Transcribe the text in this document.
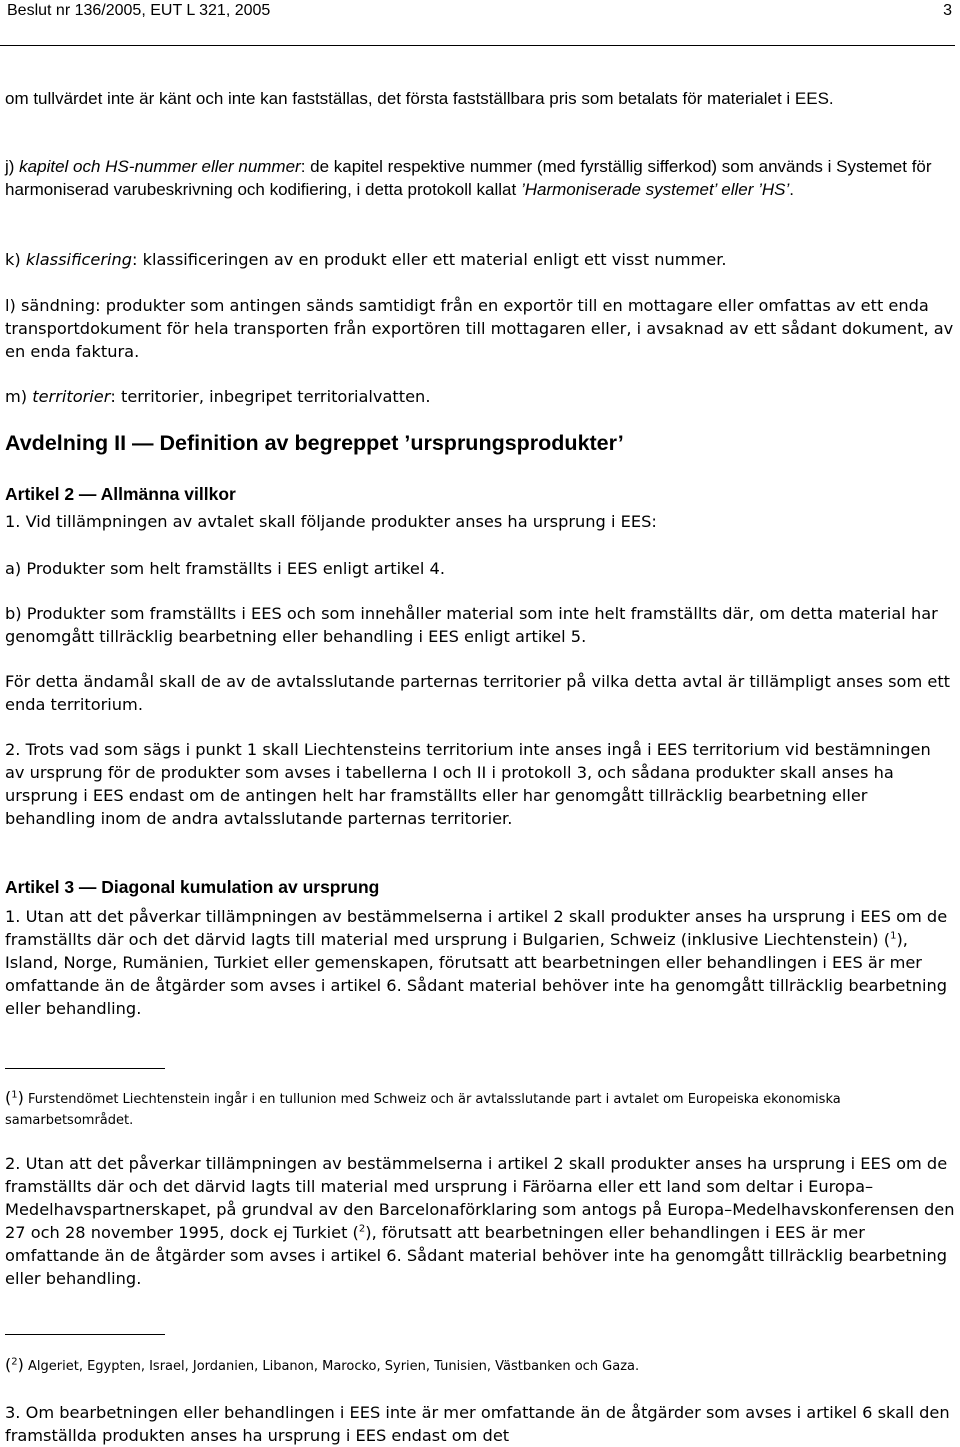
Beslut nr 136/2005, EUT L 321, 2005	3

om tullvärdet inte är känt och inte kan fastställas, det första fastställbara pris som betalats för materialet i EES.

j) kapitel och HS-nummer eller nummer: de kapitel respektive nummer (med fyrställig sifferkod) som används i Systemet för harmoniserad varubeskrivning och kodifiering, i detta protokoll kallat ’Harmoniserade systemet’ eller ’HS’.

k) klassificering: klassificeringen av en produkt eller ett material enligt ett visst nummer.

l) sändning: produkter som antingen sänds samtidigt från en exportör till en mottagare eller omfattas av ett enda transportdokument för hela transporten från exportören till mottagaren eller, i avsaknad av ett sådant dokument, av en enda faktura.

m) territorier: territorier, inbegripet territorialvatten.

Avdelning II — Definition av begreppet ’ursprungsprodukter’
Artikel 2 — Allmänna villkor

1. Vid tillämpningen av avtalet skall följande produkter anses ha ursprung i EES:

a) Produkter som helt framställts i EES enligt artikel 4.

b) Produkter som framställts i EES och som innehåller material som inte helt framställts där, om detta material har genomgått tillräcklig bearbetning eller behandling i EES enligt artikel 5.

För detta ändamål skall de av de avtalsslutande parternas territorier på vilka detta avtal är tillämpligt anses som ett enda territorium.

2. Trots vad som sägs i punkt 1 skall Liechtensteins territorium inte anses ingå i EES territorium vid bestämningen av ursprung för de produkter som avses i tabellerna I och II i protokoll 3, och sådana produkter skall anses ha ursprung i EES endast om de antingen helt har framställts eller har genomgått tillräcklig bearbetning eller behandling inom de andra avtalsslutande parternas territorier.

Artikel 3 — Diagonal kumulation av ursprung

1. Utan att det påverkar tillämpningen av bestämmelserna i artikel 2 skall produkter anses ha ursprung i EES om de framställts där och det därvid lagts till material med ursprung i Bulgarien, Schweiz (inklusive Liechtenstein) ($^1$), Island, Norge, Rumänien, Turkiet eller gemenskapen, förutsatt att bearbetningen eller behandlingen i EES är mer omfattande än de åtgärder som avses i artikel 6. Sådant material behöver inte ha genomgått tillräcklig bearbetning eller behandling.

($^1$) Furstendömet Liechtenstein ingår i en tullunion med Schweiz och är avtalsslutande part i avtalet om Europeiska ekonomiska samarbetsområdet.

2. Utan att det påverkar tillämpningen av bestämmelserna i artikel 2 skall produkter anses ha ursprung i EES om de framställts där och det därvid lagts till material med ursprung i Färöarna eller ett land som deltar i Europa–Medelhavspartnerskapet, på grundval av den Barcelonaförklaring som antogs på Europa–Medelhavskonferensen den 27 och 28 november 1995, dock ej Turkiet ($^2$), förutsatt att bearbetningen eller behandlingen i EES är mer omfattande än de åtgärder som avses i artikel 6. Sådant material behöver inte ha genomgått tillräcklig bearbetning eller behandling.

($^2$) Algeriet, Egypten, Israel, Jordanien, Libanon, Marocko, Syrien, Tunisien, Västbanken och Gaza.

3. Om bearbetningen eller behandlingen i EES inte är mer omfattande än de åtgärder som avses i artikel 6 skall den framställda produkten anses ha ursprung i EES endast om det
